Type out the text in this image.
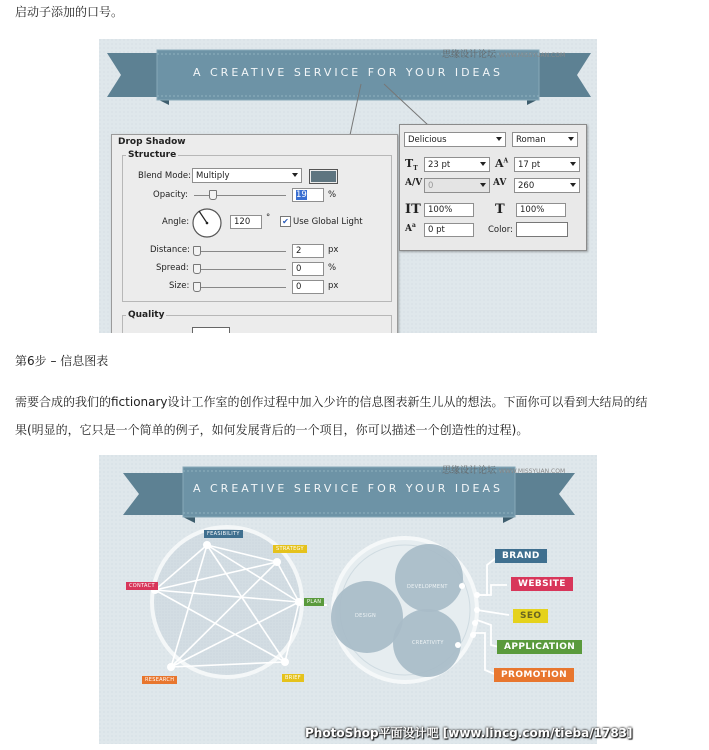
启动子添加的口号。
A CREATIVE SERVICE FOR YOUR IDEAS
思缘设计论坛 WWW.MISSYUAN.COM
Drop Shadow
Structure
Blend Mode: Multiply
Opacity:	19	%
Angle:	120	° ✔ Use Global Light
Distance:	2	px
Spread:	0	%
Size:	0	px
Quality
Delicious	Roman
$T_T$	23 pt	$A^A$	17 pt
A/V 0	AV	260
IT 100%	T	100%
$A^a$	0 pt	Color:
第6步 – 信息图表
需要合成的我们的fictionary设计工作室的创作过程中加入少许的信息图表新生儿从的想法。下面你可以看到大结局的结
果(明显的，它只是一个简单的例子，如何发展背后的一个项目，你可以描述一个创造性的过程)。
A CREATIVE SERVICE FOR YOUR IDEAS
思缘设计论坛 WWW.MISSYUAN.COM
FEASIBILITY
STRATEGY
CONTACT
PLAN
RESEARCH	BRIEF
DEVELOPMENT
DESIGN
CREATIVITY
BRAND
WEBSITE
SEO
APPLICATION
PROMOTION
PhotoShop平面设计吧 [www.lincg.com/tieba/1783]
